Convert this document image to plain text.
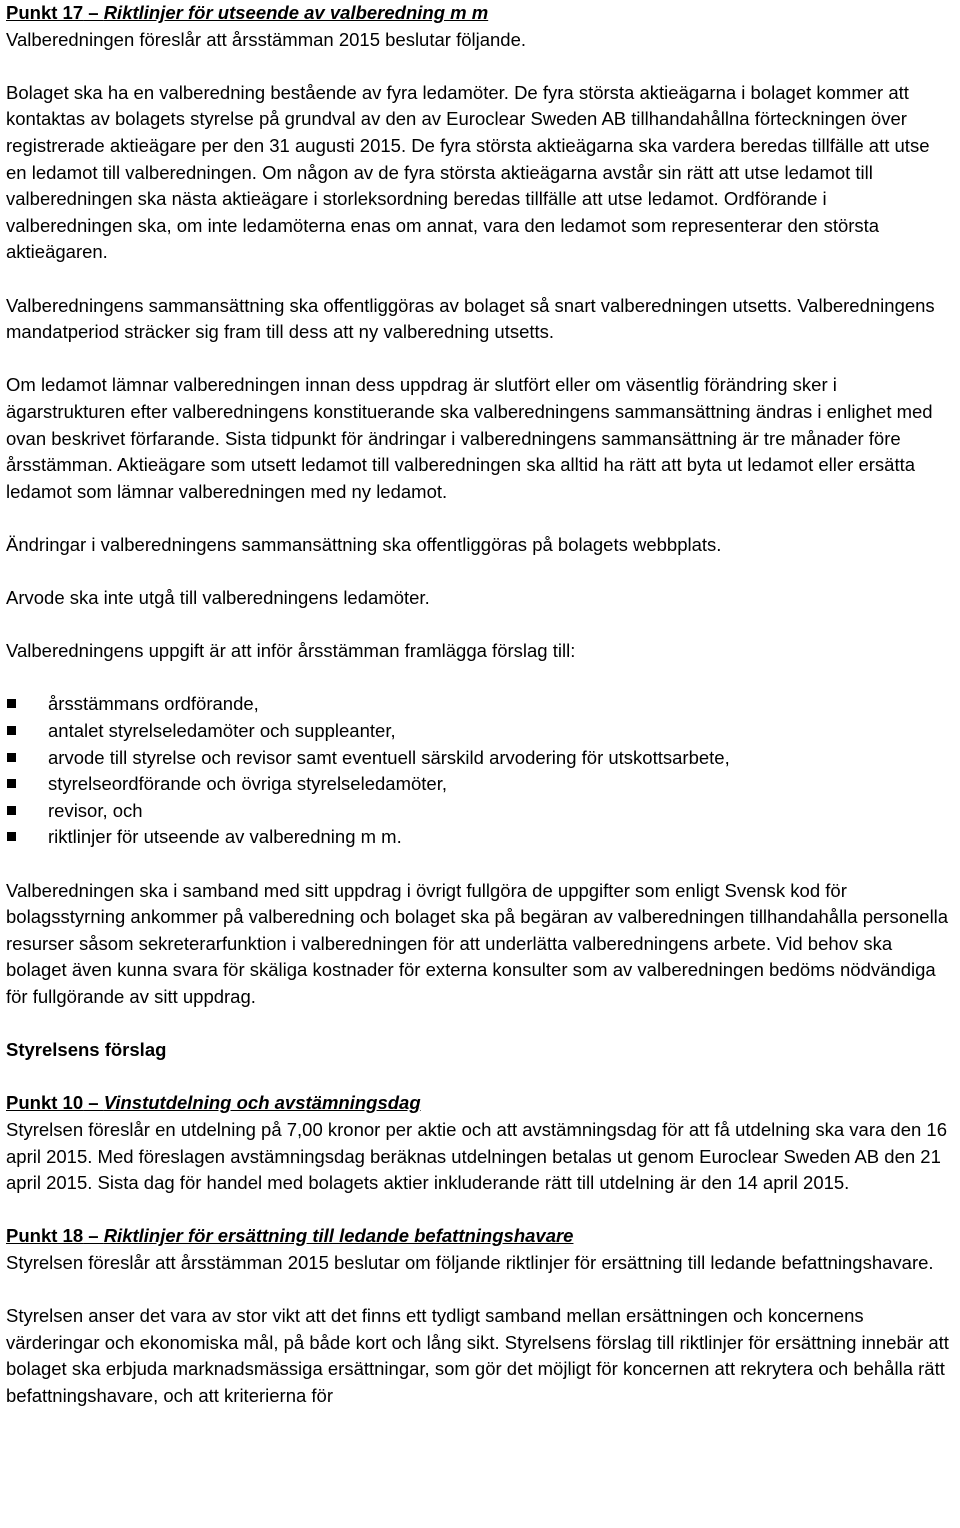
Punkt 17 – Riktlinjer för utseende av valberedning m m

Valberedningen föreslår att årsstämman 2015 beslutar följande.

Bolaget ska ha en valberedning bestående av fyra ledamöter. De fyra största aktieägarna i bolaget kommer att kontaktas av bolagets styrelse på grundval av den av Euroclear Sweden AB tillhandahållna förteckningen över registrerade aktieägare per den 31 augusti 2015. De fyra största aktieägarna ska vardera beredas tillfälle att utse en ledamot till valberedningen. Om någon av de fyra största aktieägarna avstår sin rätt att utse ledamot till valberedningen ska nästa aktieägare i storleksordning beredas tillfälle att utse ledamot. Ordförande i valberedningen ska, om inte ledamöterna enas om annat, vara den ledamot som representerar den största aktieägaren.

Valberedningens sammansättning ska offentliggöras av bolaget så snart valberedningen utsetts. Valberedningens mandatperiod sträcker sig fram till dess att ny valberedning utsetts.

Om ledamot lämnar valberedningen innan dess uppdrag är slutfört eller om väsentlig förändring sker i ägarstrukturen efter valberedningens konstituerande ska valberedningens sammansättning ändras i enlighet med ovan beskrivet förfarande. Sista tidpunkt för ändringar i valberedningens sammansättning är tre månader före årsstämman. Aktieägare som utsett ledamot till valberedningen ska alltid ha rätt att byta ut ledamot eller ersätta ledamot som lämnar valberedningen med ny ledamot.

Ändringar i valberedningens sammansättning ska offentliggöras på bolagets webbplats.

Arvode ska inte utgå till valberedningens ledamöter.

Valberedningens uppgift är att inför årsstämman framlägga förslag till:

årsstämmans ordförande,
antalet styrelseledamöter och suppleanter,
arvode till styrelse och revisor samt eventuell särskild arvodering för utskottsarbete,
styrelseordförande och övriga styrelseledamöter,
revisor, och
riktlinjer för utseende av valberedning m m.

Valberedningen ska i samband med sitt uppdrag i övrigt fullgöra de uppgifter som enligt Svensk kod för bolagsstyrning ankommer på valberedning och bolaget ska på begäran av valberedningen tillhandahålla personella resurser såsom sekreterarfunktion i valberedningen för att underlätta valberedningens arbete. Vid behov ska bolaget även kunna svara för skäliga kostnader för externa konsulter som av valberedningen bedöms nödvändiga för fullgörande av sitt uppdrag.

Styrelsens förslag

Punkt 10 – Vinstutdelning och avstämningsdag

Styrelsen föreslår en utdelning på 7,00 kronor per aktie och att avstämningsdag för att få utdelning ska vara den 16 april 2015. Med föreslagen avstämningsdag beräknas utdelningen betalas ut genom Euroclear Sweden AB den 21 april 2015. Sista dag för handel med bolagets aktier inkluderande rätt till utdelning är den 14 april 2015.

Punkt 18 – Riktlinjer för ersättning till ledande befattningshavare

Styrelsen föreslår att årsstämman 2015 beslutar om följande riktlinjer för ersättning till ledande befattningshavare.

Styrelsen anser det vara av stor vikt att det finns ett tydligt samband mellan ersättningen och koncernens värderingar och ekonomiska mål, på både kort och lång sikt. Styrelsens förslag till riktlinjer för ersättning innebär att bolaget ska erbjuda marknadsmässiga ersättningar, som gör det möjligt för koncernen att rekrytera och behålla rätt befattningshavare, och att kriterierna för
